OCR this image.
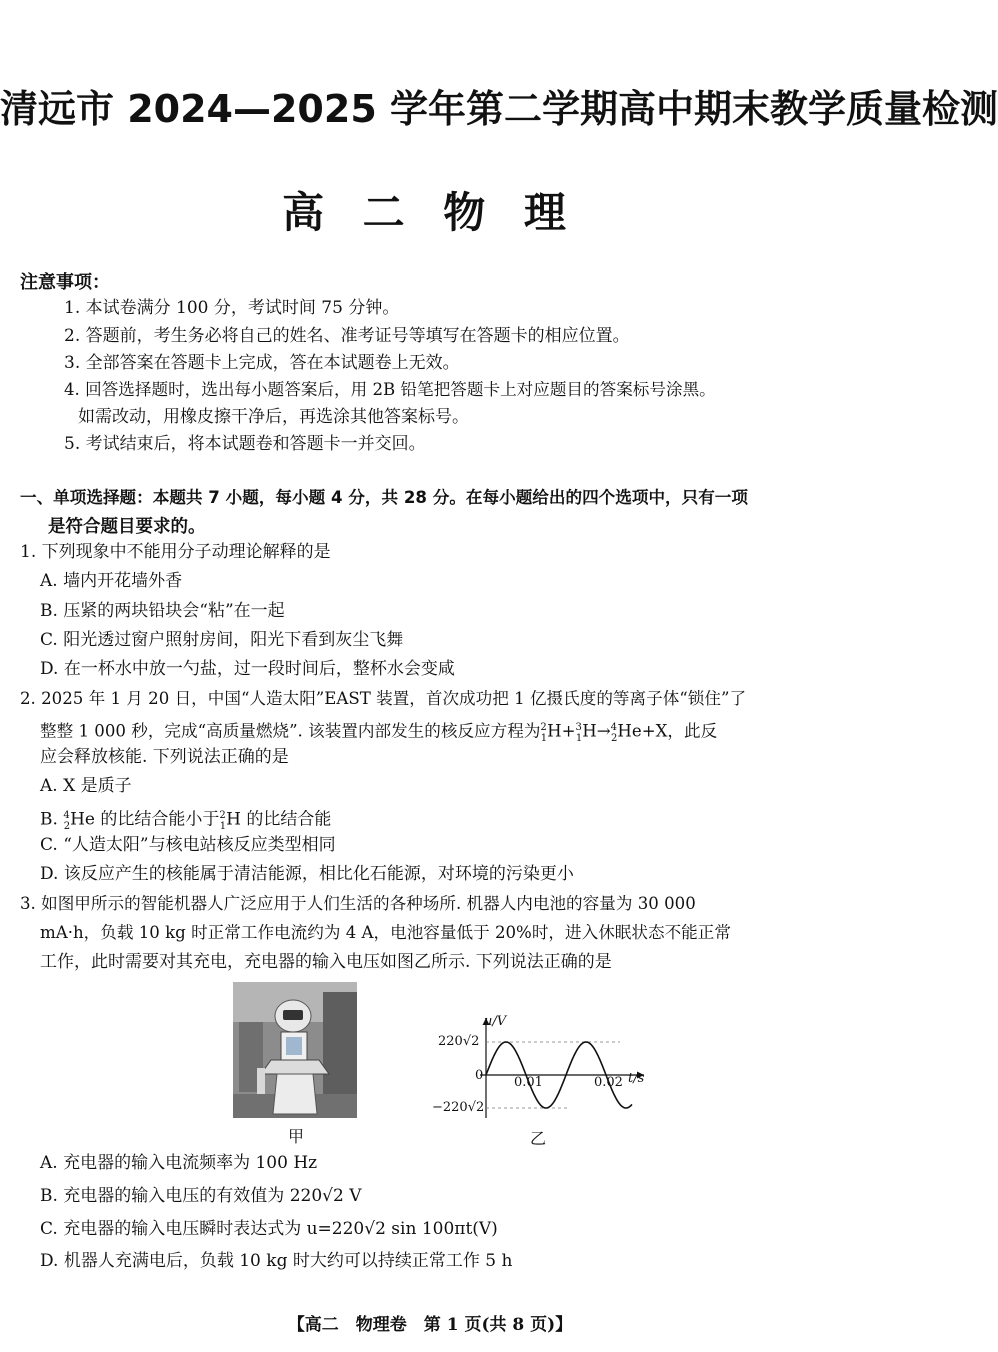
清远市 2024—2025 学年第二学期高中期末教学质量检测
高 二 物 理
注意事项：
1. 本试卷满分 100 分，考试时间 75 分钟。
2. 答题前，考生务必将自己的姓名、准考证号等填写在答题卡的相应位置。
3. 全部答案在答题卡上完成，答在本试题卷上无效。
4. 回答选择题时，选出每小题答案后，用 2B 铅笔把答题卡上对应题目的答案标号涂黑。
如需改动，用橡皮擦干净后，再选涂其他答案标号。
5. 考试结束后，将本试题卷和答题卡一并交回。
一、单项选择题：本题共 7 小题，每小题 4 分，共 28 分。在每小题给出的四个选项中，只有一项
是符合题目要求的。
1. 下列现象中不能用分子动理论解释的是
A. 墙内开花墙外香
B. 压紧的两块铅块会“粘”在一起
C. 阳光透过窗户照射房间，阳光下看到灰尘飞舞
D. 在一杯水中放一勺盐，过一段时间后，整杯水会变咸
2. 2025 年 1 月 20 日，中国“人造太阳”EAST 装置，首次成功把 1 亿摄氏度的等离子体“锁住”了
整整 1 000 秒，完成“高质量燃烧”. 该装置内部发生的核反应方程为$^2_1$H+$^3_1$H→$^4_2$He+X，此反
应会释放核能. 下列说法正确的是
A. X 是质子
B. $^4_2$He 的比结合能小于$^2_1$H 的比结合能
C. “人造太阳”与核电站核反应类型相同
D. 该反应产生的核能属于清洁能源，相比化石能源，对环境的污染更小
3. 如图甲所示的智能机器人广泛应用于人们生活的各种场所. 机器人内电池的容量为 30 000
mA·h，负载 10 kg 时正常工作电流约为 4 A，电池容量低于 20%时，进入休眠状态不能正常
工作，此时需要对其充电，充电器的输入电压如图乙所示. 下列说法正确的是
甲
u/V
t/s
220√2
−220√2
0 0.01	0.02
乙
A. 充电器的输入电流频率为 100 Hz
B. 充电器的输入电压的有效值为 220√2 V
C. 充电器的输入电压瞬时表达式为 u=220√2 sin 100πt(V)
D. 机器人充满电后，负载 10 kg 时大约可以持续正常工作 5 h
【高二　物理卷　第 1 页(共 8 页)】
